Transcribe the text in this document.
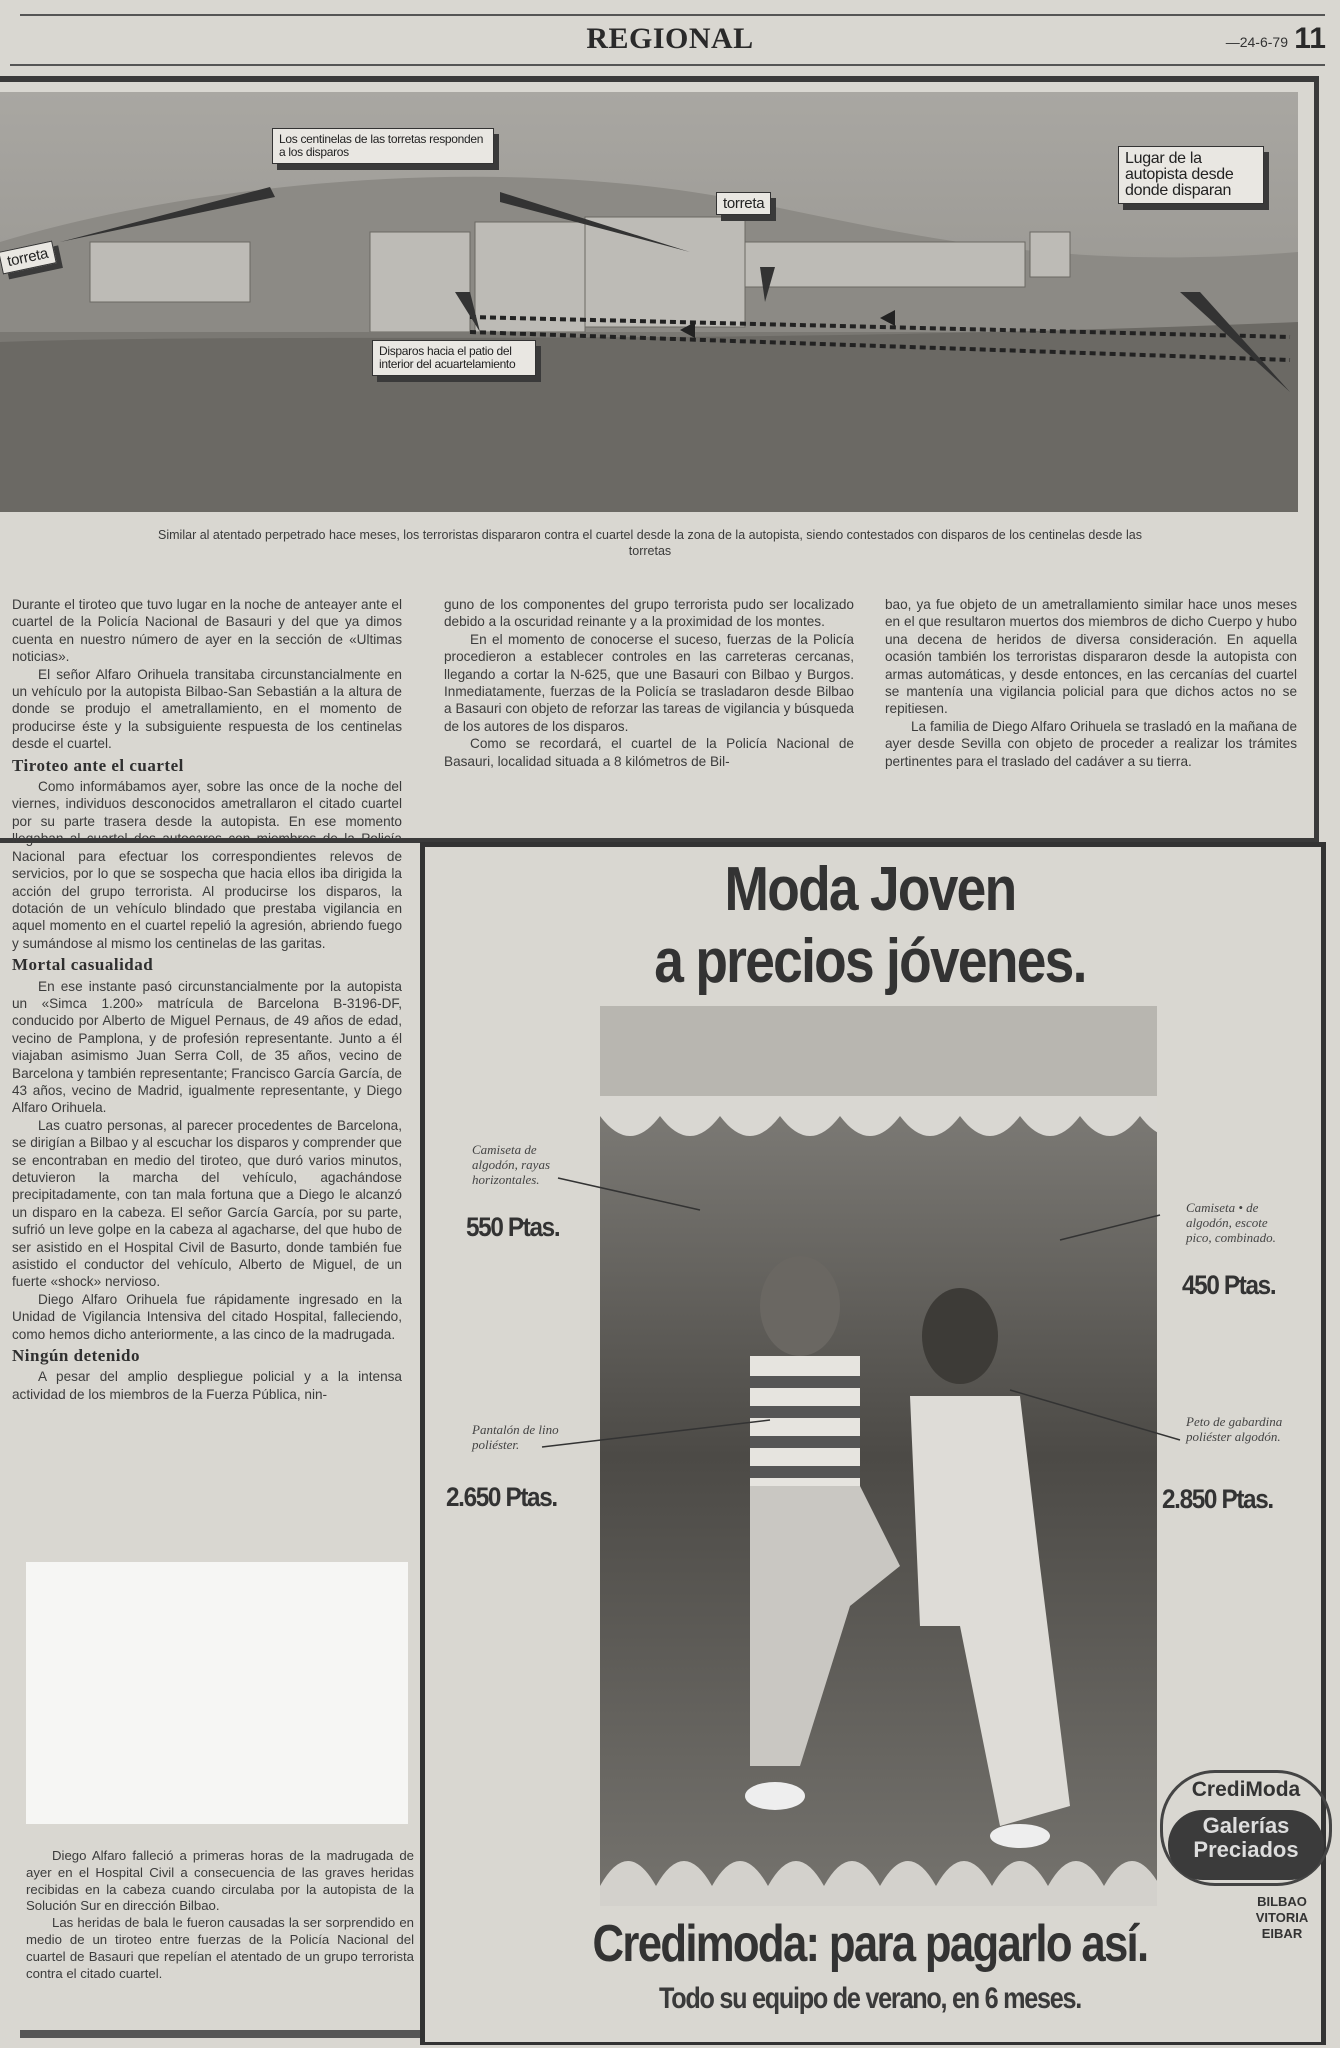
REGIONAL	—24-6-79 11
Los centinelas de las torretas responden a los disparos
torreta
torreta
Lugar de la autopista desde donde disparan
Disparos hacia el patio del interior del acuartelamiento
Similar al atentado perpetrado hace meses, los terroristas dispararon contra el cuartel desde la zona de la autopista, siendo contestados con disparos de los centinelas desde las torretas

Durante el tiroteo que tuvo lugar en la noche de anteayer ante el cuartel de la Policía Nacional de Basauri y del que ya dimos cuenta en nuestro número de ayer en la sección de «Ultimas noticias».

El señor Alfaro Orihuela transitaba circunstancialmente en un vehículo por la autopista Bilbao-San Sebastián a la altura de donde se produjo el ametrallamiento, en el momento de producirse éste y la subsiguiente respuesta de los centinelas desde el cuartel.

Tiroteo ante el cuartel

Como informábamos ayer, sobre las once de la noche del viernes, individuos desconocidos ametrallaron el citado cuartel por su parte trasera desde la autopista. En ese momento llegaban al cuartel dos autocares con miembros de la Policía Nacional para efectuar los correspondientes relevos de servicios, por lo que se sospecha que hacia ellos iba dirigida la acción del grupo terrorista. Al producirse los disparos, la dotación de un vehículo blindado que prestaba vigilancia en aquel momento en el cuartel repelió la agresión, abriendo fuego y sumándose al mismo los centinelas de las garitas.

Mortal casualidad

En ese instante pasó circunstancialmente por la autopista un «Simca 1.200» matrícula de Barcelona B-3196-DF, conducido por Alberto de Miguel Pernaus, de 49 años de edad, vecino de Pamplona, y de profesión representante. Junto a él viajaban asimismo Juan Serra Coll, de 35 años, vecino de Barcelona y también representante; Francisco García García, de 43 años, vecino de Madrid, igualmente representante, y Diego Alfaro Orihuela.

Las cuatro personas, al parecer procedentes de Barcelona, se dirigían a Bilbao y al escuchar los disparos y comprender que se encontraban en medio del tiroteo, que duró varios minutos, detuvieron la marcha del vehículo, agachándose precipitadamente, con tan mala fortuna que a Diego le alcanzó un disparo en la cabeza. El señor García García, por su parte, sufrió un leve golpe en la cabeza al agacharse, del que hubo de ser asistido en el Hospital Civil de Basurto, donde también fue asistido el conductor del vehículo, Alberto de Miguel, de un fuerte «shock» nervioso.

Diego Alfaro Orihuela fue rápidamente ingresado en la Unidad de Vigilancia Intensiva del citado Hospital, falleciendo, como hemos dicho anteriormente, a las cinco de la madrugada.

Ningún detenido

A pesar del amplio despliegue policial y a la intensa actividad de los miembros de la Fuerza Pública, nin-

guno de los componentes del grupo terrorista pudo ser localizado debido a la oscuridad reinante y a la proximidad de los montes.

En el momento de conocerse el suceso, fuerzas de la Policía procedieron a establecer controles en las carreteras cercanas, llegando a cortar la N-625, que une Basauri con Bilbao y Burgos. Inmediatamente, fuerzas de la Policía se trasladaron desde Bilbao a Basauri con objeto de reforzar las tareas de vigilancia y búsqueda de los autores de los disparos.

Como se recordará, el cuartel de la Policía Nacional de Basauri, localidad situada a 8 kilómetros de Bil-

bao, ya fue objeto de un ametrallamiento similar hace unos meses en el que resultaron muertos dos miembros de dicho Cuerpo y hubo una decena de heridos de diversa consideración. En aquella ocasión también los terroristas dispararon desde la autopista con armas automáticas, y desde entonces, en las cercanías del cuartel se mantenía una vigilancia policial para que dichos actos no se repitiesen.

La familia de Diego Alfaro Orihuela se trasladó en la mañana de ayer desde Sevilla con objeto de proceder a realizar los trámites pertinentes para el traslado del cadáver a su tierra.

Diego Alfaro falleció a primeras horas de la madrugada de ayer en el Hospital Civil a consecuencia de las graves heridas recibidas en la cabeza cuando circulaba por la autopista de la Solución Sur en dirección Bilbao.

Las heridas de bala le fueron causadas la ser sorprendido en medio de un tiroteo entre fuerzas de la Policía Nacional del cuartel de Basauri que repelían el atentado de un grupo terrorista contra el citado cuartel.

Moda Joven
a precios jóvenes.
Camiseta de algodón, rayas horizontales.
550 Ptas.
Pantalón de lino poliéster.
2.650 Ptas.
Camiseta • de algodón, escote pico, combinado.
450 Ptas.
Peto de gabardina poliéster algodón.
2.850 Ptas.
CrediModa
Galerías
Preciados
BILBAO
VITORIA
EIBAR
Credimoda: para pagarlo así.
Todo su equipo de verano, en 6 meses.
